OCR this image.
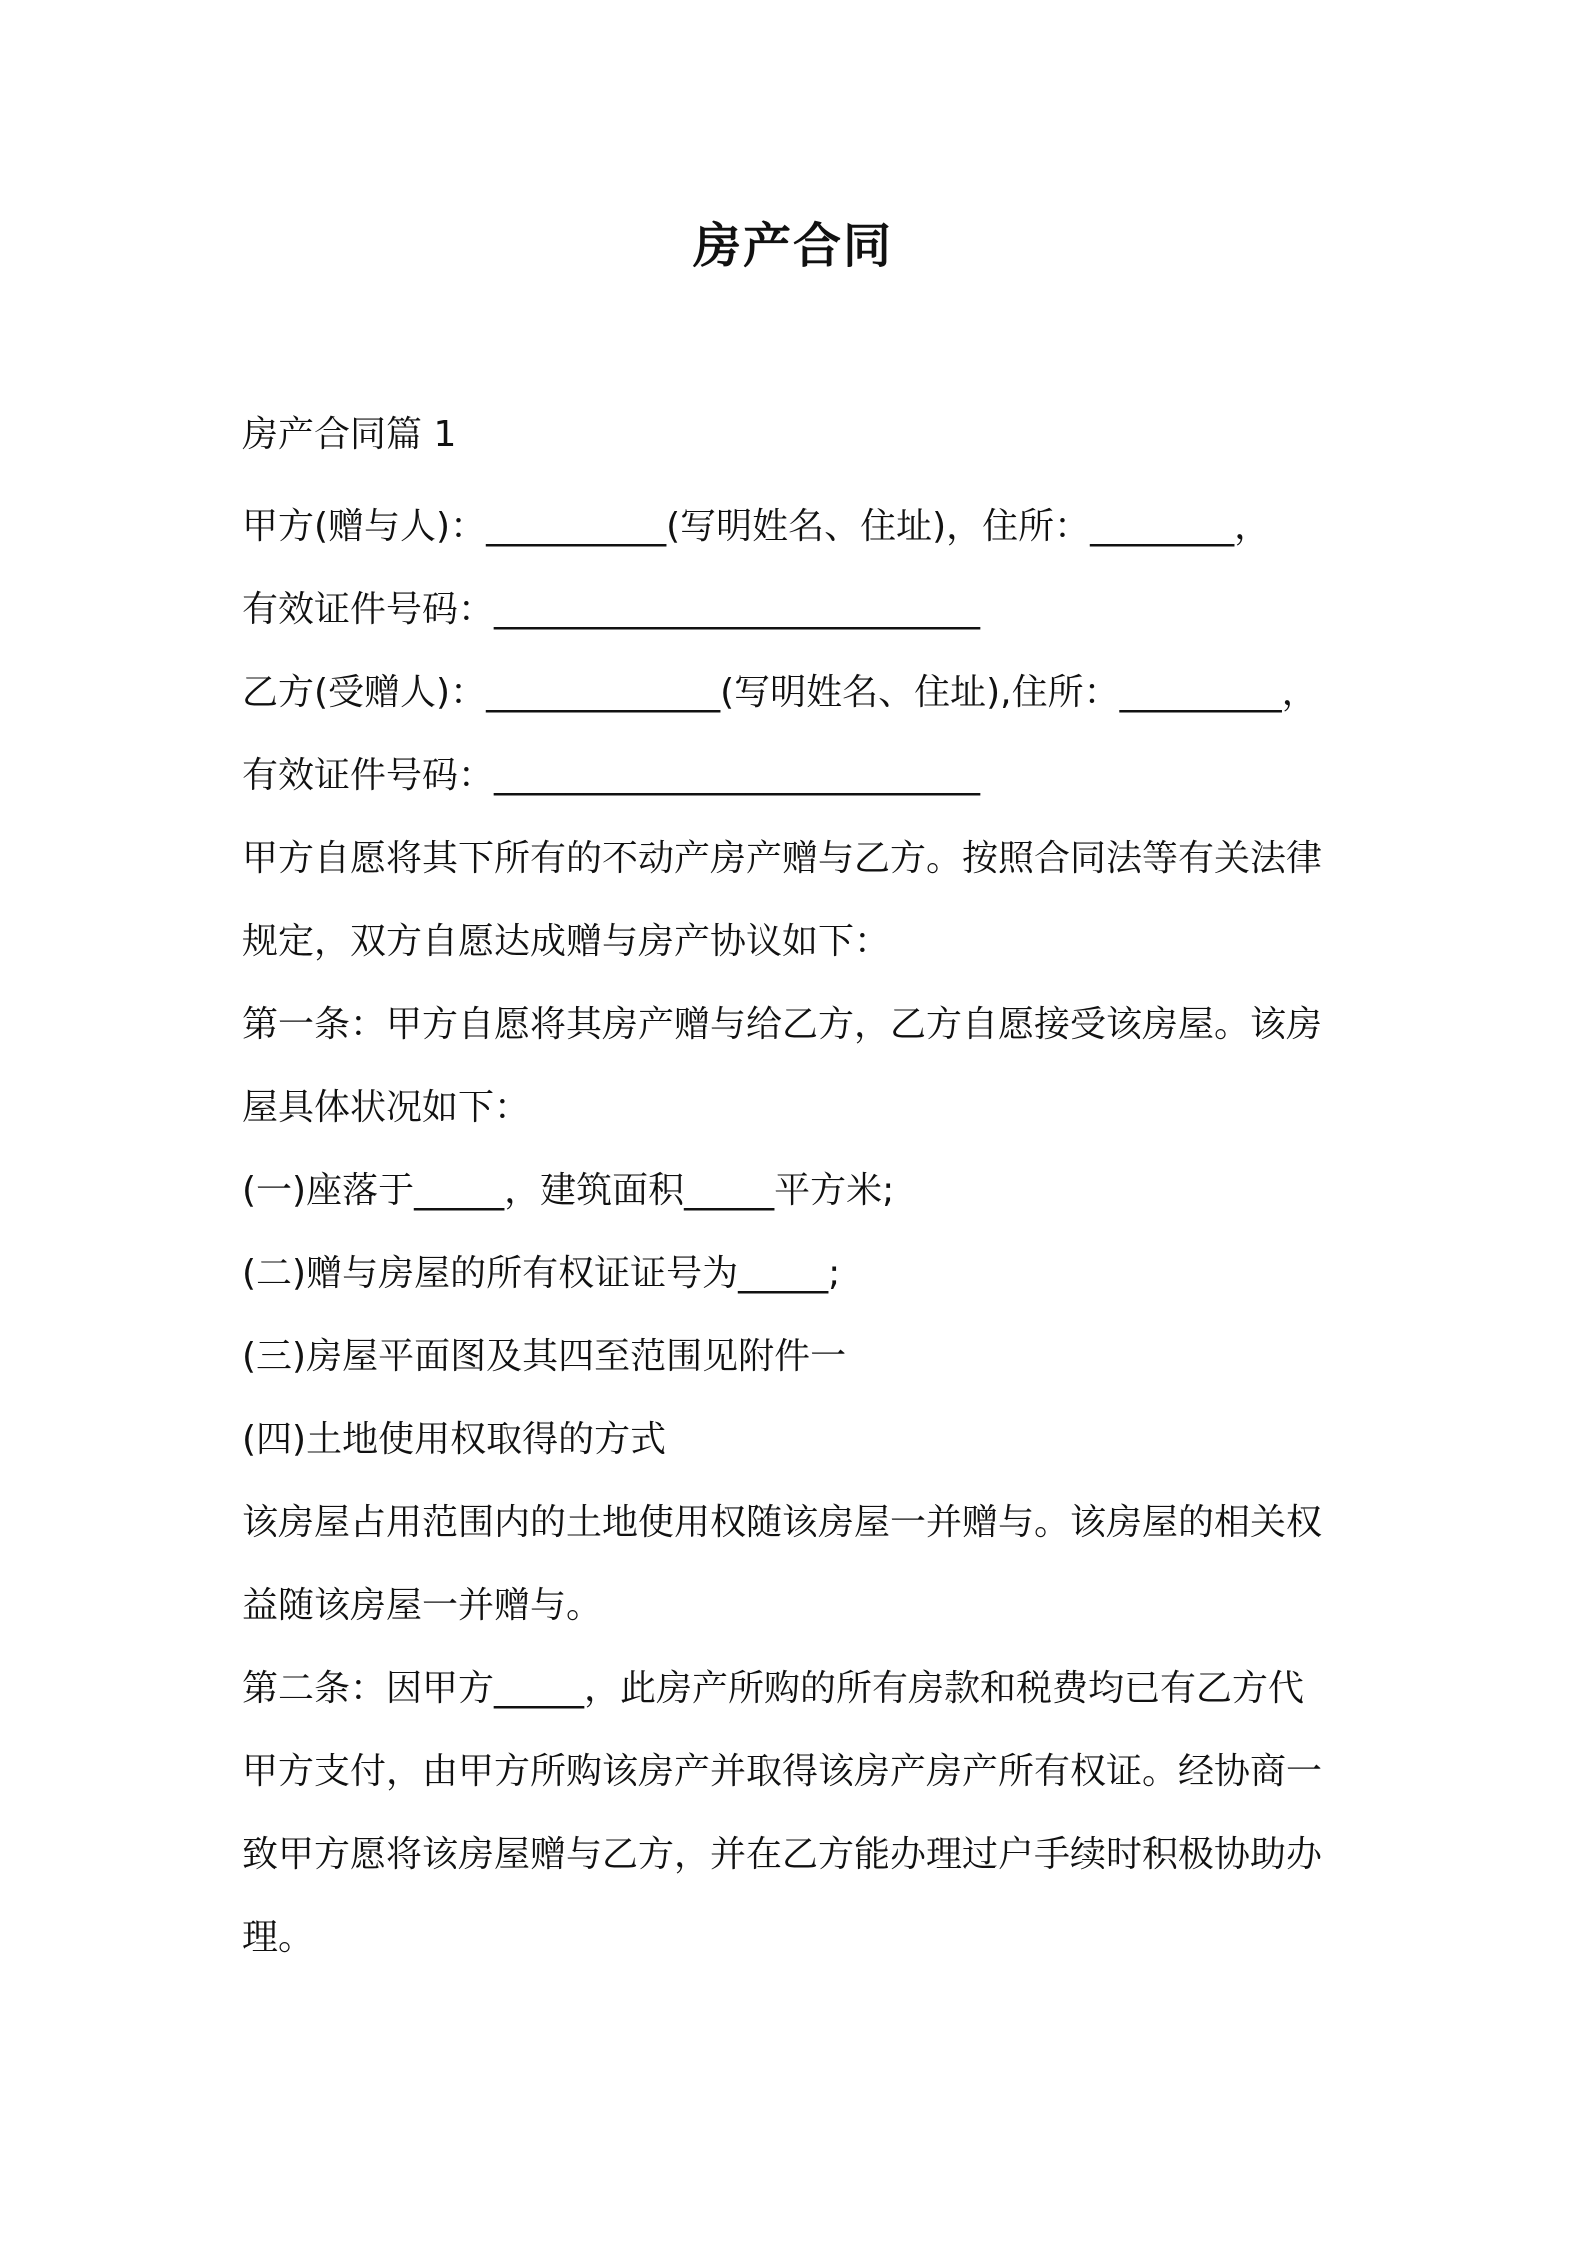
房产合同
房产合同篇 1
甲方(赠与人)：__________(写明姓名、住址)，住所：________，
有效证件号码：___________________________
乙方(受赠人)：_____________(写明姓名、住址),住所：_________，
有效证件号码：___________________________
甲方自愿将其下所有的不动产房产赠与乙方。按照合同法等有关法律
规定，双方自愿达成赠与房产协议如下：
第一条：甲方自愿将其房产赠与给乙方，乙方自愿接受该房屋。该房
屋具体状况如下：
(一)座落于_____，建筑面积_____平方米;
(二)赠与房屋的所有权证证号为_____;
(三)房屋平面图及其四至范围见附件一
(四)土地使用权取得的方式
该房屋占用范围内的土地使用权随该房屋一并赠与。该房屋的相关权
益随该房屋一并赠与。
第二条：因甲方_____，此房产所购的所有房款和税费均已有乙方代
甲方支付，由甲方所购该房产并取得该房产房产所有权证。经协商一
致甲方愿将该房屋赠与乙方，并在乙方能办理过户手续时积极协助办
理。
